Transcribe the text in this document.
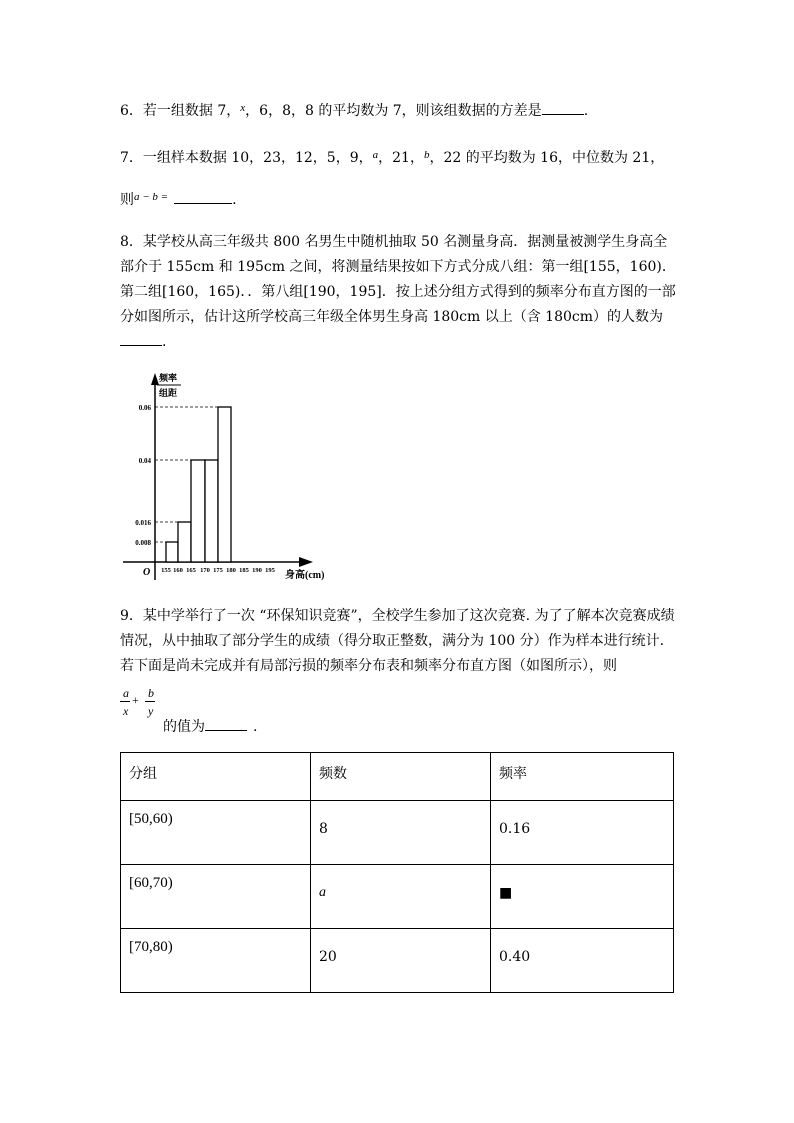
6．若一组数据 7，$^x$，6，8，8 的平均数为 7，则该组数据的方差是	.
7．一组样本数据 10，23，12，5，9，$^a$，21，$^b$，22 的平均数为 16，中位数为 21，
则$^{a - b =}$	.
8．某学校从高三年级共 800 名男生中随机抽取 50 名测量身高．据测量被测学生身高全部介于 155cm 和 195cm 之间，将测量结果按如下方式分成八组：第一组[155，160)．第二组[160，165)．．第八组[190，195]．按上述分组方式得到的频率分布直方图的一部分如图所示，估计这所学校高三年级全体男生身高 180cm 以上（含 180cm）的人数为.
频率
组距
0.06
0.04
0.016
0.008
O 155 160 165 170 175 180 185 190 195 身高(cm)
9．某中学举行了一次 “环保知识竞赛”，全校学生参加了这次竞赛. 为了了解本次竞赛成绩情况，从中抽取了部分学生的成绩（得分取正整数，满分为 100 分）作为样本进行统计. 若下面是尚未完成并有局部污损的频率分布表和频率分布直方图（如图所示），则
a
x
+ b
y
的值为	.
分组	频数	频率
[50,60)	8	0.16
[60,70)	a	■
[70,80)	20	0.40
